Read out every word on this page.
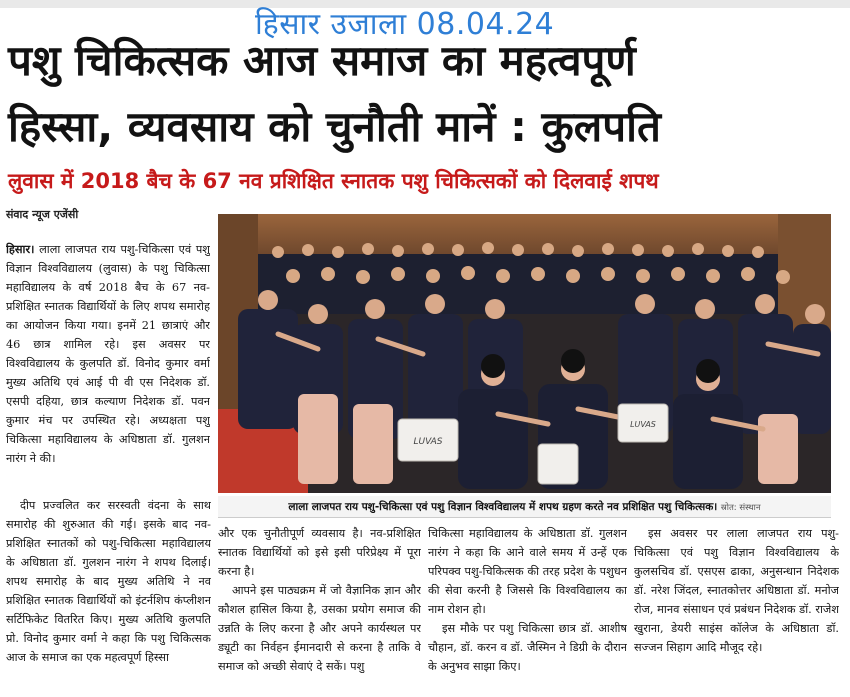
हिसार उजाला 08.04.24
पशु चिकित्सक आज समाज का महत्वपूर्ण
हिस्सा, व्यवसाय को चुनौती मानें : कुलपति
लुवास में 2018 बैच के 67 नव प्रशिक्षित स्नातक पशु चिकित्सकों को दिलवाई शपथ
संवाद न्यूज एजेंसी
हिसार। लाला लाजपत राय पशु-चिकित्सा एवं पशु विज्ञान विश्वविद्यालय (लुवास) के पशु चिकित्सा महाविद्यालय के वर्ष 2018 बैच के 67 नव-प्रशिक्षित स्नातक विद्यार्थियों के लिए शपथ समारोह का आयोजन किया गया। इनमें 21 छात्राएं और 46 छात्र शामिल रहे। इस अवसर पर विश्वविद्यालय के कुलपति डॉ. विनोद कुमार वर्मा मुख्य अतिथि एवं आई पी वी एस निदेशक डॉ. एसपी दहिया, छात्र कल्याण निदेशक डॉ. पवन कुमार मंच पर उपस्थित रहे। अध्यक्षता पशु चिकित्सा महाविद्यालय के अधिष्ठाता डॉ. गुलशन नारंग ने की।
LUVAS
LUVAS
लाला लाजपत राय पशु-चिकित्सा एवं पशु विज्ञान विश्वविद्यालय में शपथ ग्रहण करते नव प्रशिक्षित पशु चिकित्सक। स्रोत: संस्थान

दीप प्रज्वलित कर सरस्वती वंदना के साथ समारोह की शुरुआत की गई। इसके बाद नव-प्रशिक्षित स्नातकों को पशु-चिकित्सा महाविद्यालय के अधिष्ठाता डॉ. गुलशन नारंग ने शपथ दिलाई। शपथ समारोह के बाद मुख्य अतिथि ने नव प्रशिक्षित स्नातक विद्यार्थियों को इंटर्नशिप कंप्लीशन सर्टिफिकेट वितरित किए। मुख्य अतिथि कुलपति प्रो. विनोद कुमार वर्मा ने कहा कि पशु चिकित्सक आज के समाज का एक महत्वपूर्ण हिस्सा

और एक चुनौतीपूर्ण व्यवसाय है। नव-प्रशिक्षित स्नातक विद्यार्थियों को इसे इसी परिप्रेक्ष्य में पूरा करना है।

आपने इस पाठ्यक्रम में जो वैज्ञानिक ज्ञान और कौशल हासिल किया है, उसका प्रयोग समाज की उन्नति के लिए करना है और अपने कार्यस्थल पर ड्यूटी का निर्वहन ईमानदारी से करना है ताकि वे समाज को अच्छी सेवाएं दे सकें। पशु

चिकित्सा महाविद्यालय के अधिष्ठाता डॉ. गुलशन नारंग ने कहा कि आने वाले समय में उन्हें एक परिपक्व पशु-चिकित्सक की तरह प्रदेश के पशुधन की सेवा करनी है जिससे कि विश्वविद्यालय का नाम रोशन हो।

इस मौके पर पशु चिकित्सा छात्र डॉ. आशीष चौहान, डॉ. करन व डॉ. जैस्मिन ने डिग्री के दौरान के अनुभव साझा किए।

इस अवसर पर लाला लाजपत राय पशु-चिकित्सा एवं पशु विज्ञान विश्वविद्यालय के कुलसचिव डॉ. एसएस ढाका, अनुसन्धान निदेशक डॉ. नरेश जिंदल, स्नातकोत्तर अधिष्ठाता डॉ. मनोज रोज, मानव संसाधन एवं प्रबंधन निदेशक डॉ. राजेश खुराना, डेयरी साइंस कॉलेज के अधिष्ठाता डॉ. सज्जन सिहाग आदि मौजूद रहे।
